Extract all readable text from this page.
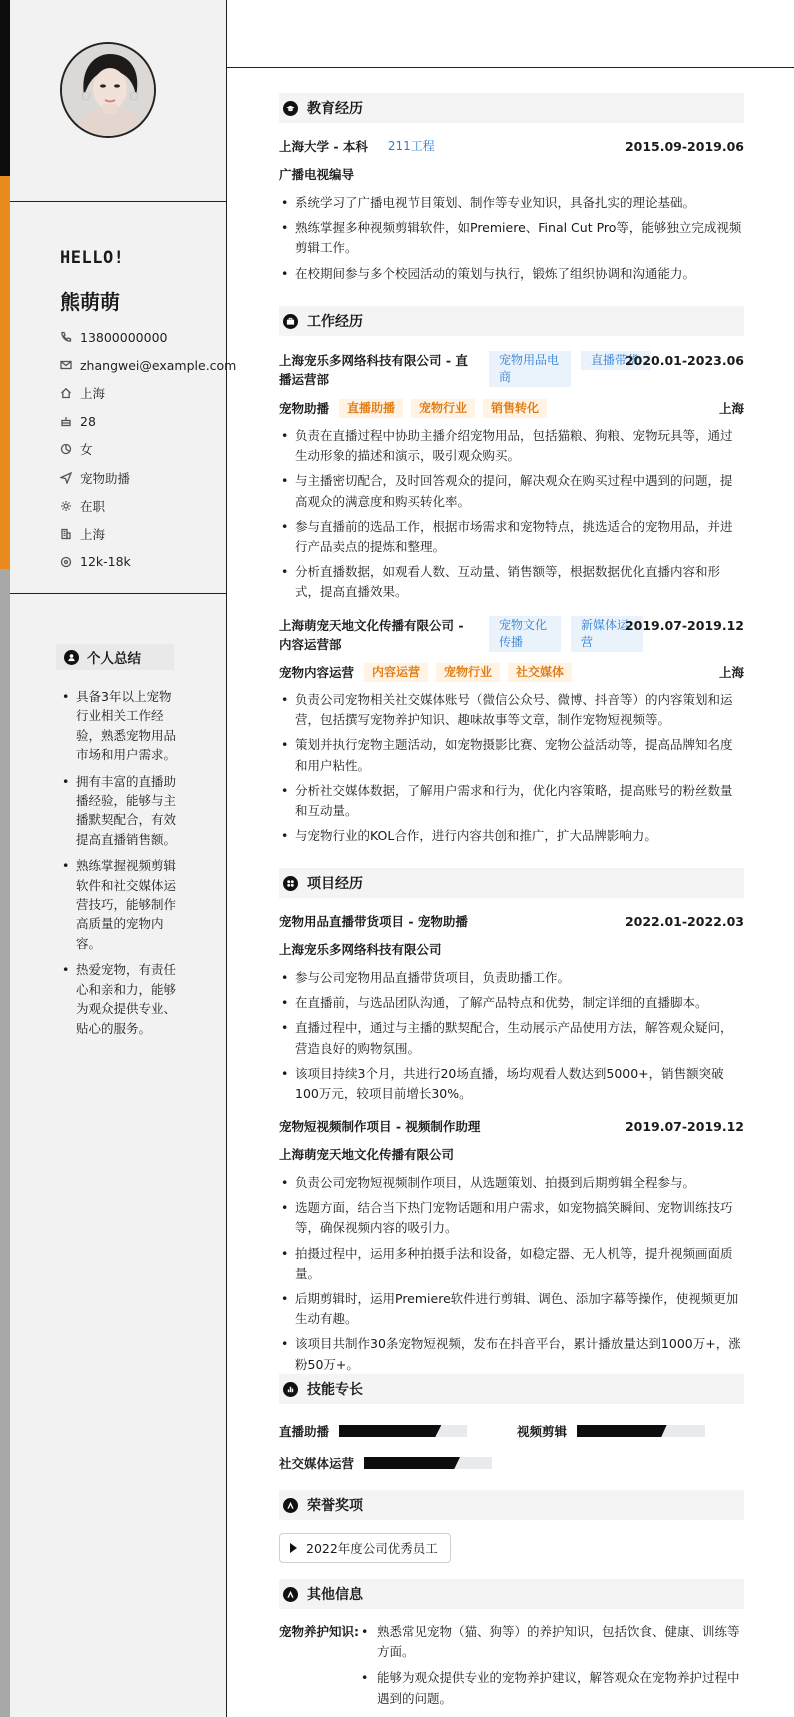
HELLO!
熊萌萌
13800000000
zhangwei@example.com
上海
28
女
宠物助播
在职
上海
12k-18k
个人总结
• 具备3年以上宠物行业相关工作经验，熟悉宠物用品市场和用户需求。
• 拥有丰富的直播助播经验，能够与主播默契配合，有效提高直播销售额。
• 熟练掌握视频剪辑软件和社交媒体运营技巧，能够制作高质量的宠物内容。
• 热爱宠物，有责任心和亲和力，能够为观众提供专业、贴心的服务。
教育经历
上海大学 - 本科	211工程	2015.09-2019.06
广播电视编导
• 系统学习了广播电视节目策划、制作等专业知识，具备扎实的理论基础。
• 熟练掌握多种视频剪辑软件，如Premiere、Final Cut Pro等，能够独立完成视频剪辑工作。
• 在校期间参与多个校园活动的策划与执行，锻炼了组织协调和沟通能力。
工作经历
上海宠乐多网络科技有限公司 - 直播运营部
宠物用品电商
直播带货
2020.01-2023.06
宠物助播	直播助播	宠物行业	销售转化	上海
• 负责在直播过程中协助主播介绍宠物用品，包括猫粮、狗粮、宠物玩具等，通过生动形象的描述和演示，吸引观众购买。
• 与主播密切配合，及时回答观众的提问，解决观众在购买过程中遇到的问题，提高观众的满意度和购买转化率。
• 参与直播前的选品工作，根据市场需求和宠物特点，挑选适合的宠物用品，并进行产品卖点的提炼和整理。
• 分析直播数据，如观看人数、互动量、销售额等，根据数据优化直播内容和形式，提高直播效果。
上海萌宠天地文化传播有限公司 - 内容运营部
宠物文化传播
新媒体运营
2019.07-2019.12
宠物内容运营	内容运营	宠物行业	社交媒体	上海
• 负责公司宠物相关社交媒体账号（微信公众号、微博、抖音等）的内容策划和运营，包括撰写宠物养护知识、趣味故事等文章，制作宠物短视频等。
• 策划并执行宠物主题活动，如宠物摄影比赛、宠物公益活动等，提高品牌知名度和用户粘性。
• 分析社交媒体数据，了解用户需求和行为，优化内容策略，提高账号的粉丝数量和互动量。
• 与宠物行业的KOL合作，进行内容共创和推广，扩大品牌影响力。
项目经历
宠物用品直播带货项目 - 宠物助播	2022.01-2022.03
上海宠乐多网络科技有限公司
• 参与公司宠物用品直播带货项目，负责助播工作。
• 在直播前，与选品团队沟通，了解产品特点和优势，制定详细的直播脚本。
• 直播过程中，通过与主播的默契配合，生动展示产品使用方法，解答观众疑问，营造良好的购物氛围。
• 该项目持续3个月，共进行20场直播，场均观看人数达到5000+，销售额突破100万元，较项目前增长30%。
宠物短视频制作项目 - 视频制作助理	2019.07-2019.12
上海萌宠天地文化传播有限公司
• 负责公司宠物短视频制作项目，从选题策划、拍摄到后期剪辑全程参与。
• 选题方面，结合当下热门宠物话题和用户需求，如宠物搞笑瞬间、宠物训练技巧等，确保视频内容的吸引力。
• 拍摄过程中，运用多种拍摄手法和设备，如稳定器、无人机等，提升视频画面质量。
• 后期剪辑时，运用Premiere软件进行剪辑、调色、添加字幕等操作，使视频更加生动有趣。
• 该项目共制作30条宠物短视频，发布在抖音平台，累计播放量达到1000万+，涨粉50万+。
技能专长
直播助播	视频剪辑
社交媒体运营
荣誉奖项
2022年度公司优秀员工
其他信息
宠物养护知识:
•	熟悉常见宠物（猫、狗等）的养护知识，包括饮食、健康、训练等方面。
• 能够为观众提供专业的宠物养护建议，解答观众在宠物养护过程中遇到的问题。
